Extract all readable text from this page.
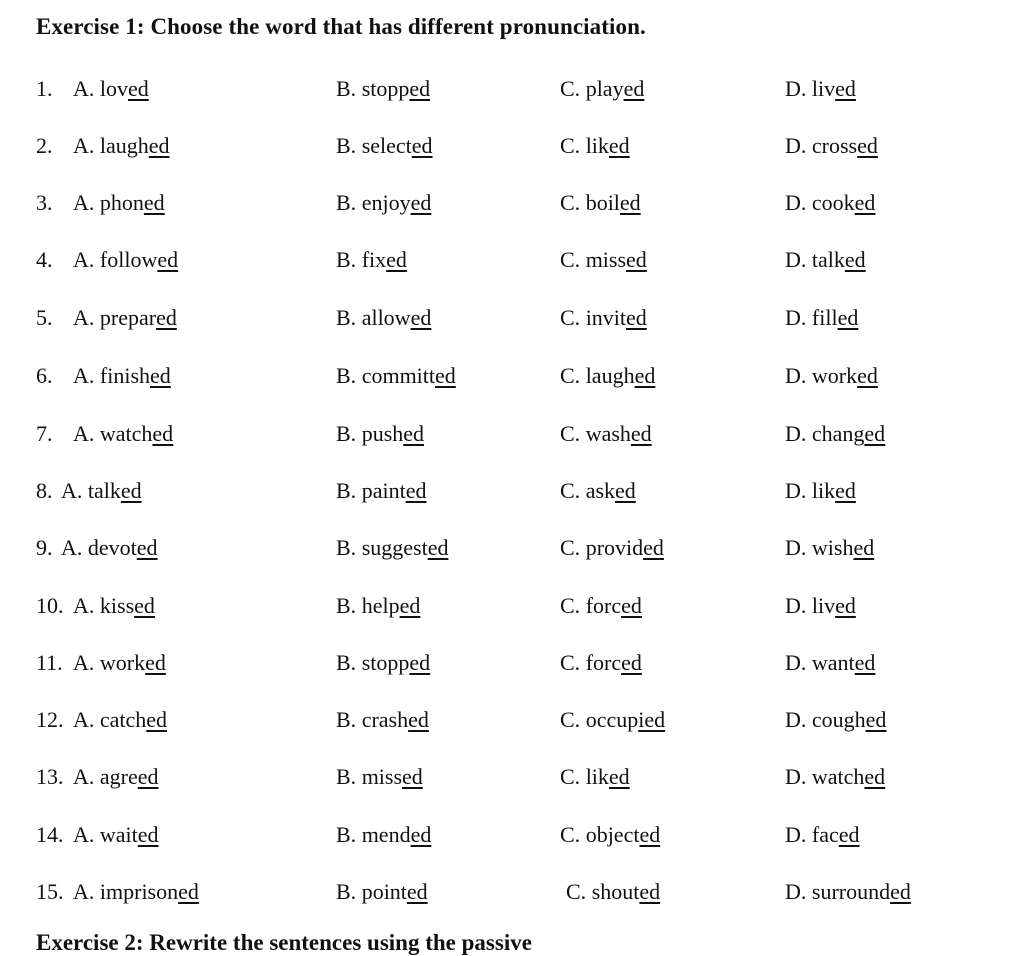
Exercise 1: Choose the word that has different pronunciation.
1. A. loved	B. stopped	C. played	D. lived
2. A. laughed	B. selected	C. liked	D. crossed
3. A. phoned	B. enjoyed	C. boiled	D. cooked
4. A. followed	B. fixed	C. missed	D. talked
5. A. prepared	B. allowed	C. invited	D. filled
6. A. finished	B. committed	C. laughed	D. worked
7. A. watched	B. pushed	C. washed	D. changed
8. A. talked	B. painted	C. asked	D. liked
9. A. devoted	B. suggested	C. provided	D. wished
10. A. kissed	B. helped	C. forced	D. lived
11. A. worked	B. stopped	C. forced	D. wanted
12. A. catched	B. crashed	C. occupied	D. coughed
13. A. agreed	B. missed	C. liked	D. watched
14. A. waited	B. mended	C. objected	D. faced
15. A. imprisoned	B. pointed	C. shouted	D. surrounded
Exercise 2: Rewrite the sentences using the passive
